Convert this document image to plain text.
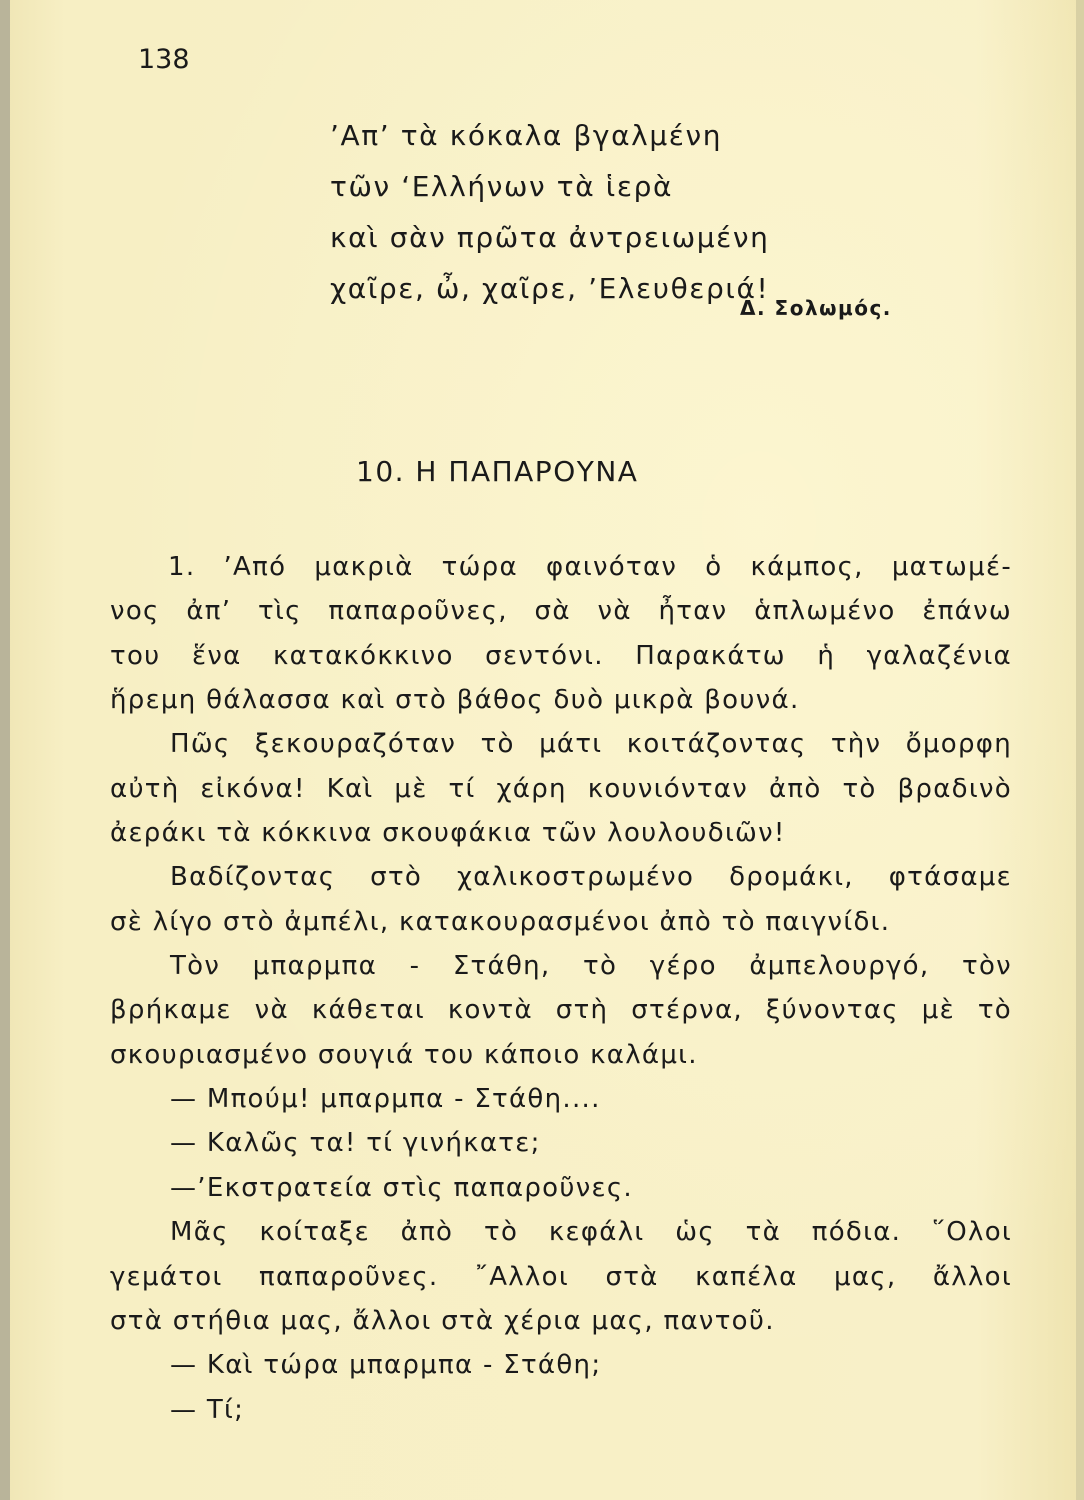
138
’Απ’ τὰ κόκαλα βγαλμένη
τῶν ‘Ελλήνων τὰ ἱερὰ
καὶ σὰν πρῶτα ἀντρειωμένη
χαῖρε, ὦ, χαῖρε, ’Ελευθεριά!
Δ. Σολωμός.
10. Η ΠΑΠΑΡΟΥΝΑ
1. ’Από μακριὰ τώρα φαινόταν ὁ κάμπος, ματωμέ-
νος ἀπ’ τὶς παπαροῦνες, σὰ νὰ ἦταν ἁπλωμένο ἐπάνω
του ἕνα κατακόκκινο σεντόνι. Παρακάτω ἡ γαλαζένια
ἥρεμη θάλασσα καὶ στὸ βάθος δυὸ μικρὰ βουνά.
Πῶς ξεκουραζόταν τὸ μάτι κοιτάζοντας τὴν ὄμορφη
αὐτὴ εἰκόνα! Καὶ μὲ τί χάρη κουνιόνταν ἀπὸ τὸ βραδινὸ
ἀεράκι τὰ κόκκινα σκουφάκια τῶν λουλουδιῶν!
Βαδίζοντας στὸ χαλικοστρωμένο δρομάκι, φτάσαμε
σὲ λίγο στὸ ἀμπέλι, κατακουρασμένοι ἀπὸ τὸ παιγνίδι.
Τὸν μπαρμπα - Στάθη, τὸ γέρο ἀμπελουργό, τὸν
βρήκαμε νὰ κάθεται κοντὰ στὴ στέρνα, ξύνοντας μὲ τὸ
σκουριασμένο σουγιά του κάποιο καλάμι.
— Μπούμ! μπαρμπα - Στάθη....
— Καλῶς τα! τί γινήκατε;
—’Εκστρατεία στὶς παπαροῦνες.
Μᾶς κοίταξε ἀπὸ τὸ κεφάλι ὡς τὰ πόδια. ῞Ολοι
γεμάτοι παπαροῦνες. ῎Αλλοι στὰ καπέλα μας, ἄλλοι
στὰ στήθια μας, ἄλλοι στὰ χέρια μας, παντοῦ.
— Καὶ τώρα μπαρμπα - Στάθη;
— Τί;
